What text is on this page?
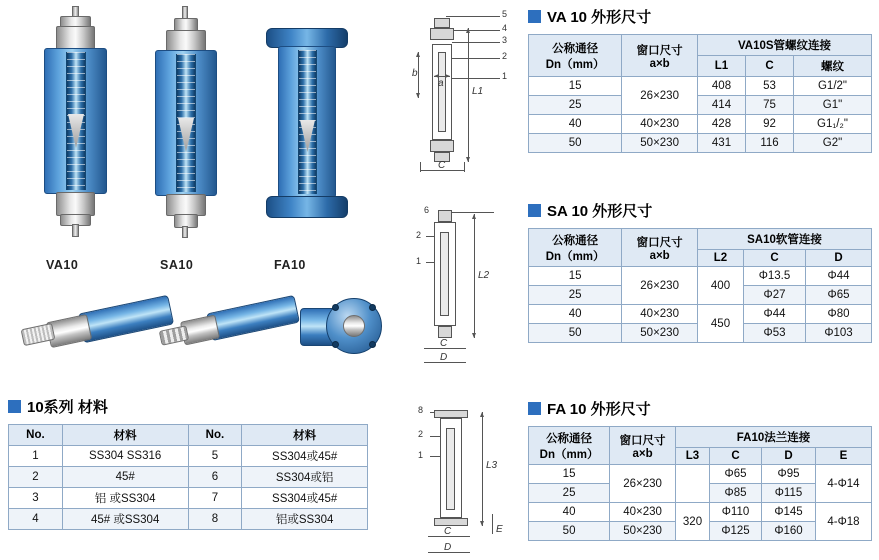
VA10	SA10	FA10
5
4
3
2
1
L1
b
a
C
6
2
1
L2
C
D
8
2
1
L3
C
D
E
VA 10 外形尺寸
公称通径
Dn（mm）

窗口尺寸
a×b
	VA10S管螺纹连接
		L1	C	螺纹
15	26×230	408	53	G1/2"
25		414	75	G1"
40	40×230	428	92	G1₁/₂"
50	50×230	431	116	G2"
SA 10 外形尺寸
公称通径
Dn（mm）

窗口尺寸
a×b
	SA10软管连接
		L2	C	D
15	26×230	400	Φ13.5	Φ44
25			Φ27	Φ65
40	40×230	450	Φ44	Φ80
50	50×230		Φ53	Φ103
FA 10 外形尺寸
公称通径
Dn（mm）

窗口尺寸
a×b
	FA10法兰连接
		L3	C	D	E
15	26×230		Φ65	Φ95	4-Φ14
25			Φ85	Φ115	
40	40×230	320	Φ110	Φ145	4-Φ18
50	50×230		Φ125	Φ160	
10系列 材料
No.	材料	No.	材料
1	SS304 SS316	5	SS304或45#
2	45#	6	SS304或铝
3	铝 或SS304	7	SS304或45#
4	45# 或SS304	8	铝或SS304
